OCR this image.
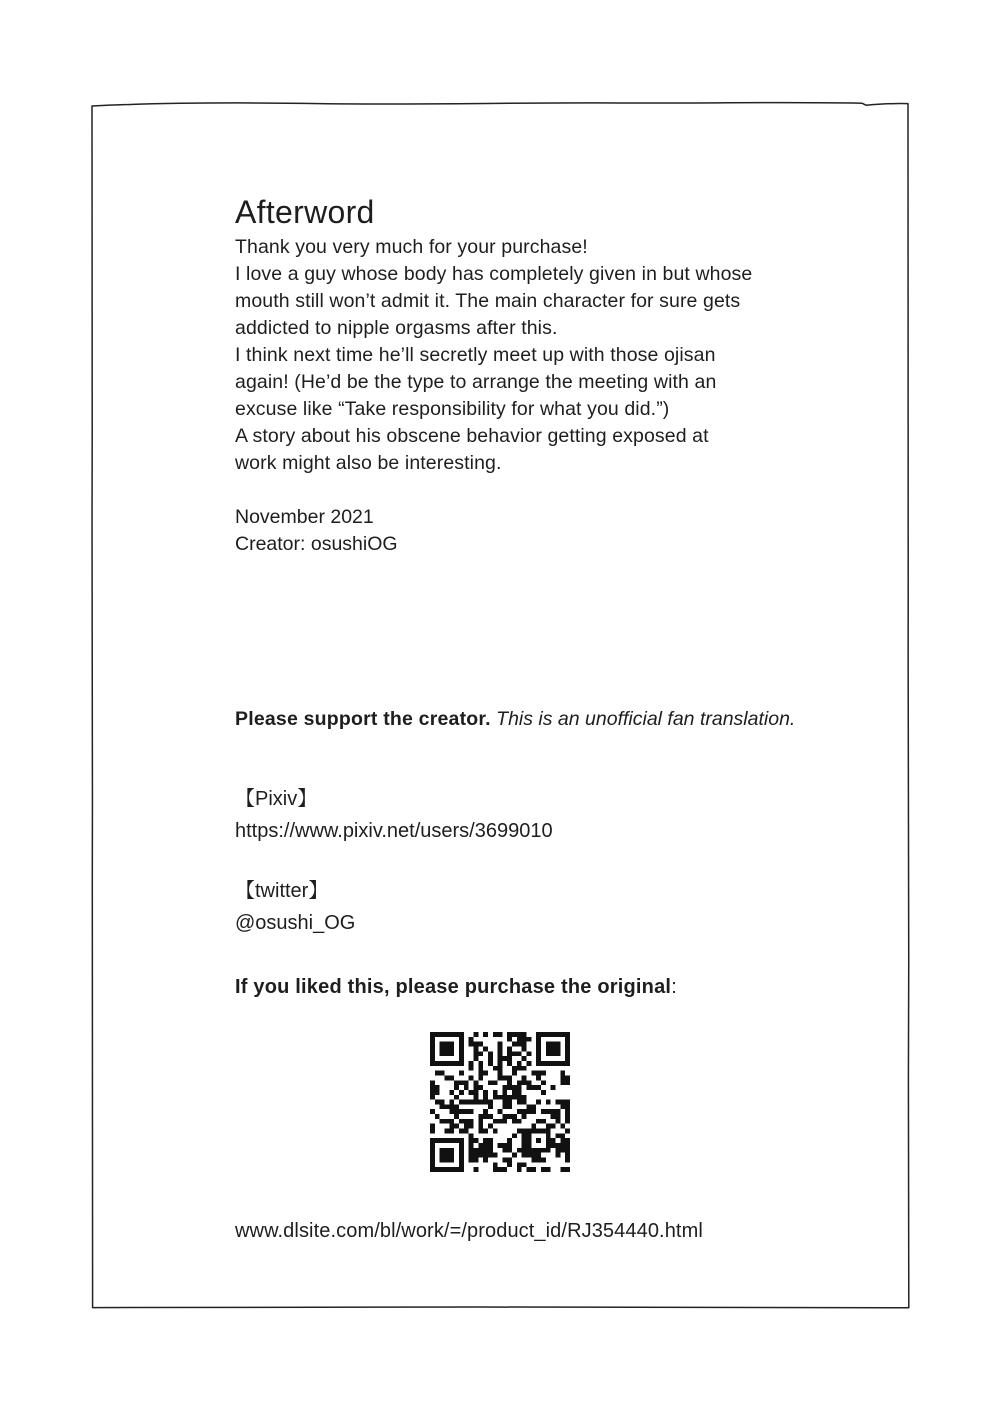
Afterword
Thank you very much for your purchase!
I love a guy whose body has completely given in but whose
mouth still won’t admit it. The main character for sure gets
addicted to nipple orgasms after this.
I think next time he’ll secretly meet up with those ojisan
again! (He’d be the type to arrange the meeting with an
excuse like “Take responsibility for what you did.”)
A story about his obscene behavior getting exposed at
work might also be interesting.
November 2021
Creator: osushiOG
Please support the creator. This is an unofficial fan translation.
【Pixiv】
https://www.pixiv.net/users/3699010
【twitter】
@osushi_OG
If you liked this, please purchase the original:
www.dlsite.com/bl/work/=/product_id/RJ354440.html
